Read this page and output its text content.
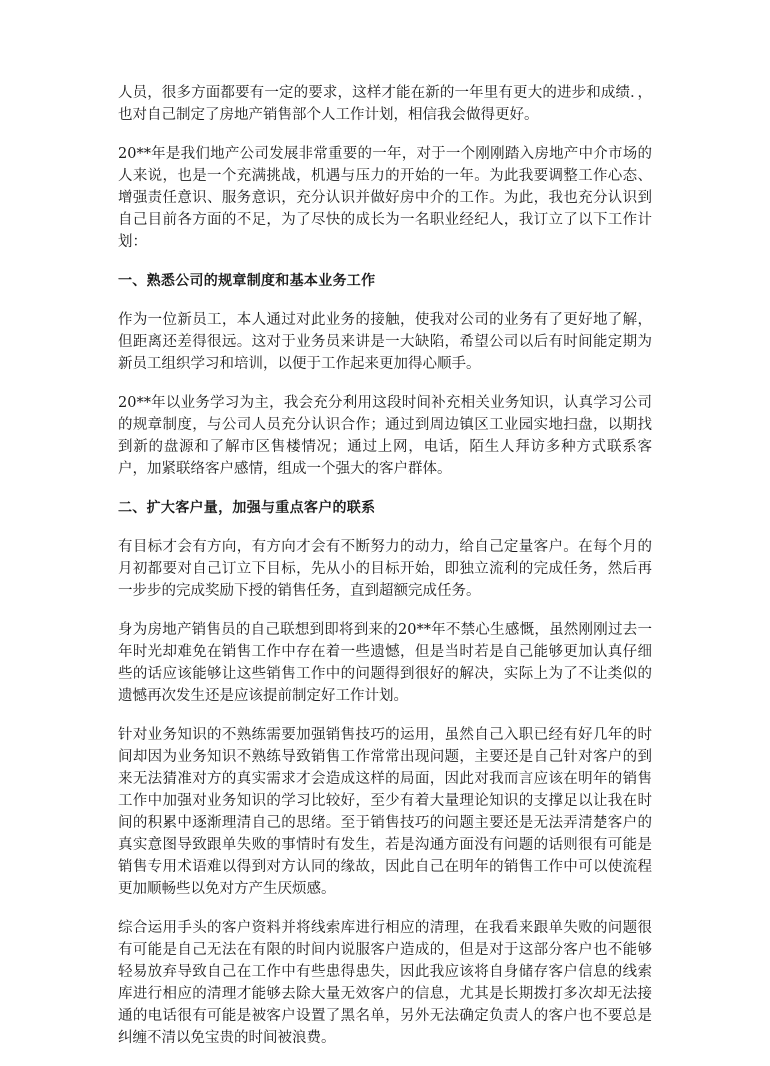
人员，很多方面都要有一定的要求，这样才能在新的一年里有更大的进步和成绩．，也对自己制定了房地产销售部个人工作计划，相信我会做得更好。

20**年是我们地产公司发展非常重要的一年，对于一个刚刚踏入房地产中介市场的人来说，也是一个充满挑战，机遇与压力的开始的一年。为此我要调整工作心态、增强责任意识、服务意识，充分认识并做好房中介的工作。为此，我也充分认识到自己目前各方面的不足，为了尽快的成长为一名职业经纪人，我订立了以下工作计划：

一、熟悉公司的规章制度和基本业务工作

作为一位新员工，本人通过对此业务的接触，使我对公司的业务有了更好地了解，但距离还差得很远。这对于业务员来讲是一大缺陷，希望公司以后有时间能定期为新员工组织学习和培训，以便于工作起来更加得心顺手。

20**年以业务学习为主，我会充分利用这段时间补充相关业务知识，认真学习公司的规章制度，与公司人员充分认识合作；通过到周边镇区工业园实地扫盘，以期找到新的盘源和了解市区售楼情况；通过上网，电话，陌生人拜访多种方式联系客户，加紧联络客户感情，组成一个强大的客户群体。

二、扩大客户量，加强与重点客户的联系

有目标才会有方向，有方向才会有不断努力的动力，给自己定量客户。在每个月的月初都要对自己订立下目标，先从小的目标开始，即独立流利的完成任务，然后再一步步的完成奖励下授的销售任务，直到超额完成任务。

身为房地产销售员的自己联想到即将到来的20**年不禁心生感慨，虽然刚刚过去一年时光却难免在销售工作中存在着一些遗憾，但是当时若是自己能够更加认真仔细些的话应该能够让这些销售工作中的问题得到很好的解决，实际上为了不让类似的遗憾再次发生还是应该提前制定好工作计划。

针对业务知识的不熟练需要加强销售技巧的运用，虽然自己入职已经有好几年的时间却因为业务知识不熟练导致销售工作常常出现问题，主要还是自己针对客户的到来无法猜准对方的真实需求才会造成这样的局面，因此对我而言应该在明年的销售工作中加强对业务知识的学习比较好，至少有着大量理论知识的支撑足以让我在时间的积累中逐渐理清自己的思绪。至于销售技巧的问题主要还是无法弄清楚客户的真实意图导致跟单失败的事情时有发生，若是沟通方面没有问题的话则很有可能是销售专用术语难以得到对方认同的缘故，因此自己在明年的销售工作中可以使流程更加顺畅些以免对方产生厌烦感。

综合运用手头的客户资料并将线索库进行相应的清理，在我看来跟单失败的问题很有可能是自己无法在有限的时间内说服客户造成的，但是对于这部分客户也不能够轻易放弃导致自己在工作中有些患得患失，因此我应该将自身储存客户信息的线索库进行相应的清理才能够去除大量无效客户的信息，尤其是长期拨打多次却无法接通的电话很有可能是被客户设置了黑名单，另外无法确定负责人的客户也不要总是纠缠不清以免宝贵的时间被浪费。
